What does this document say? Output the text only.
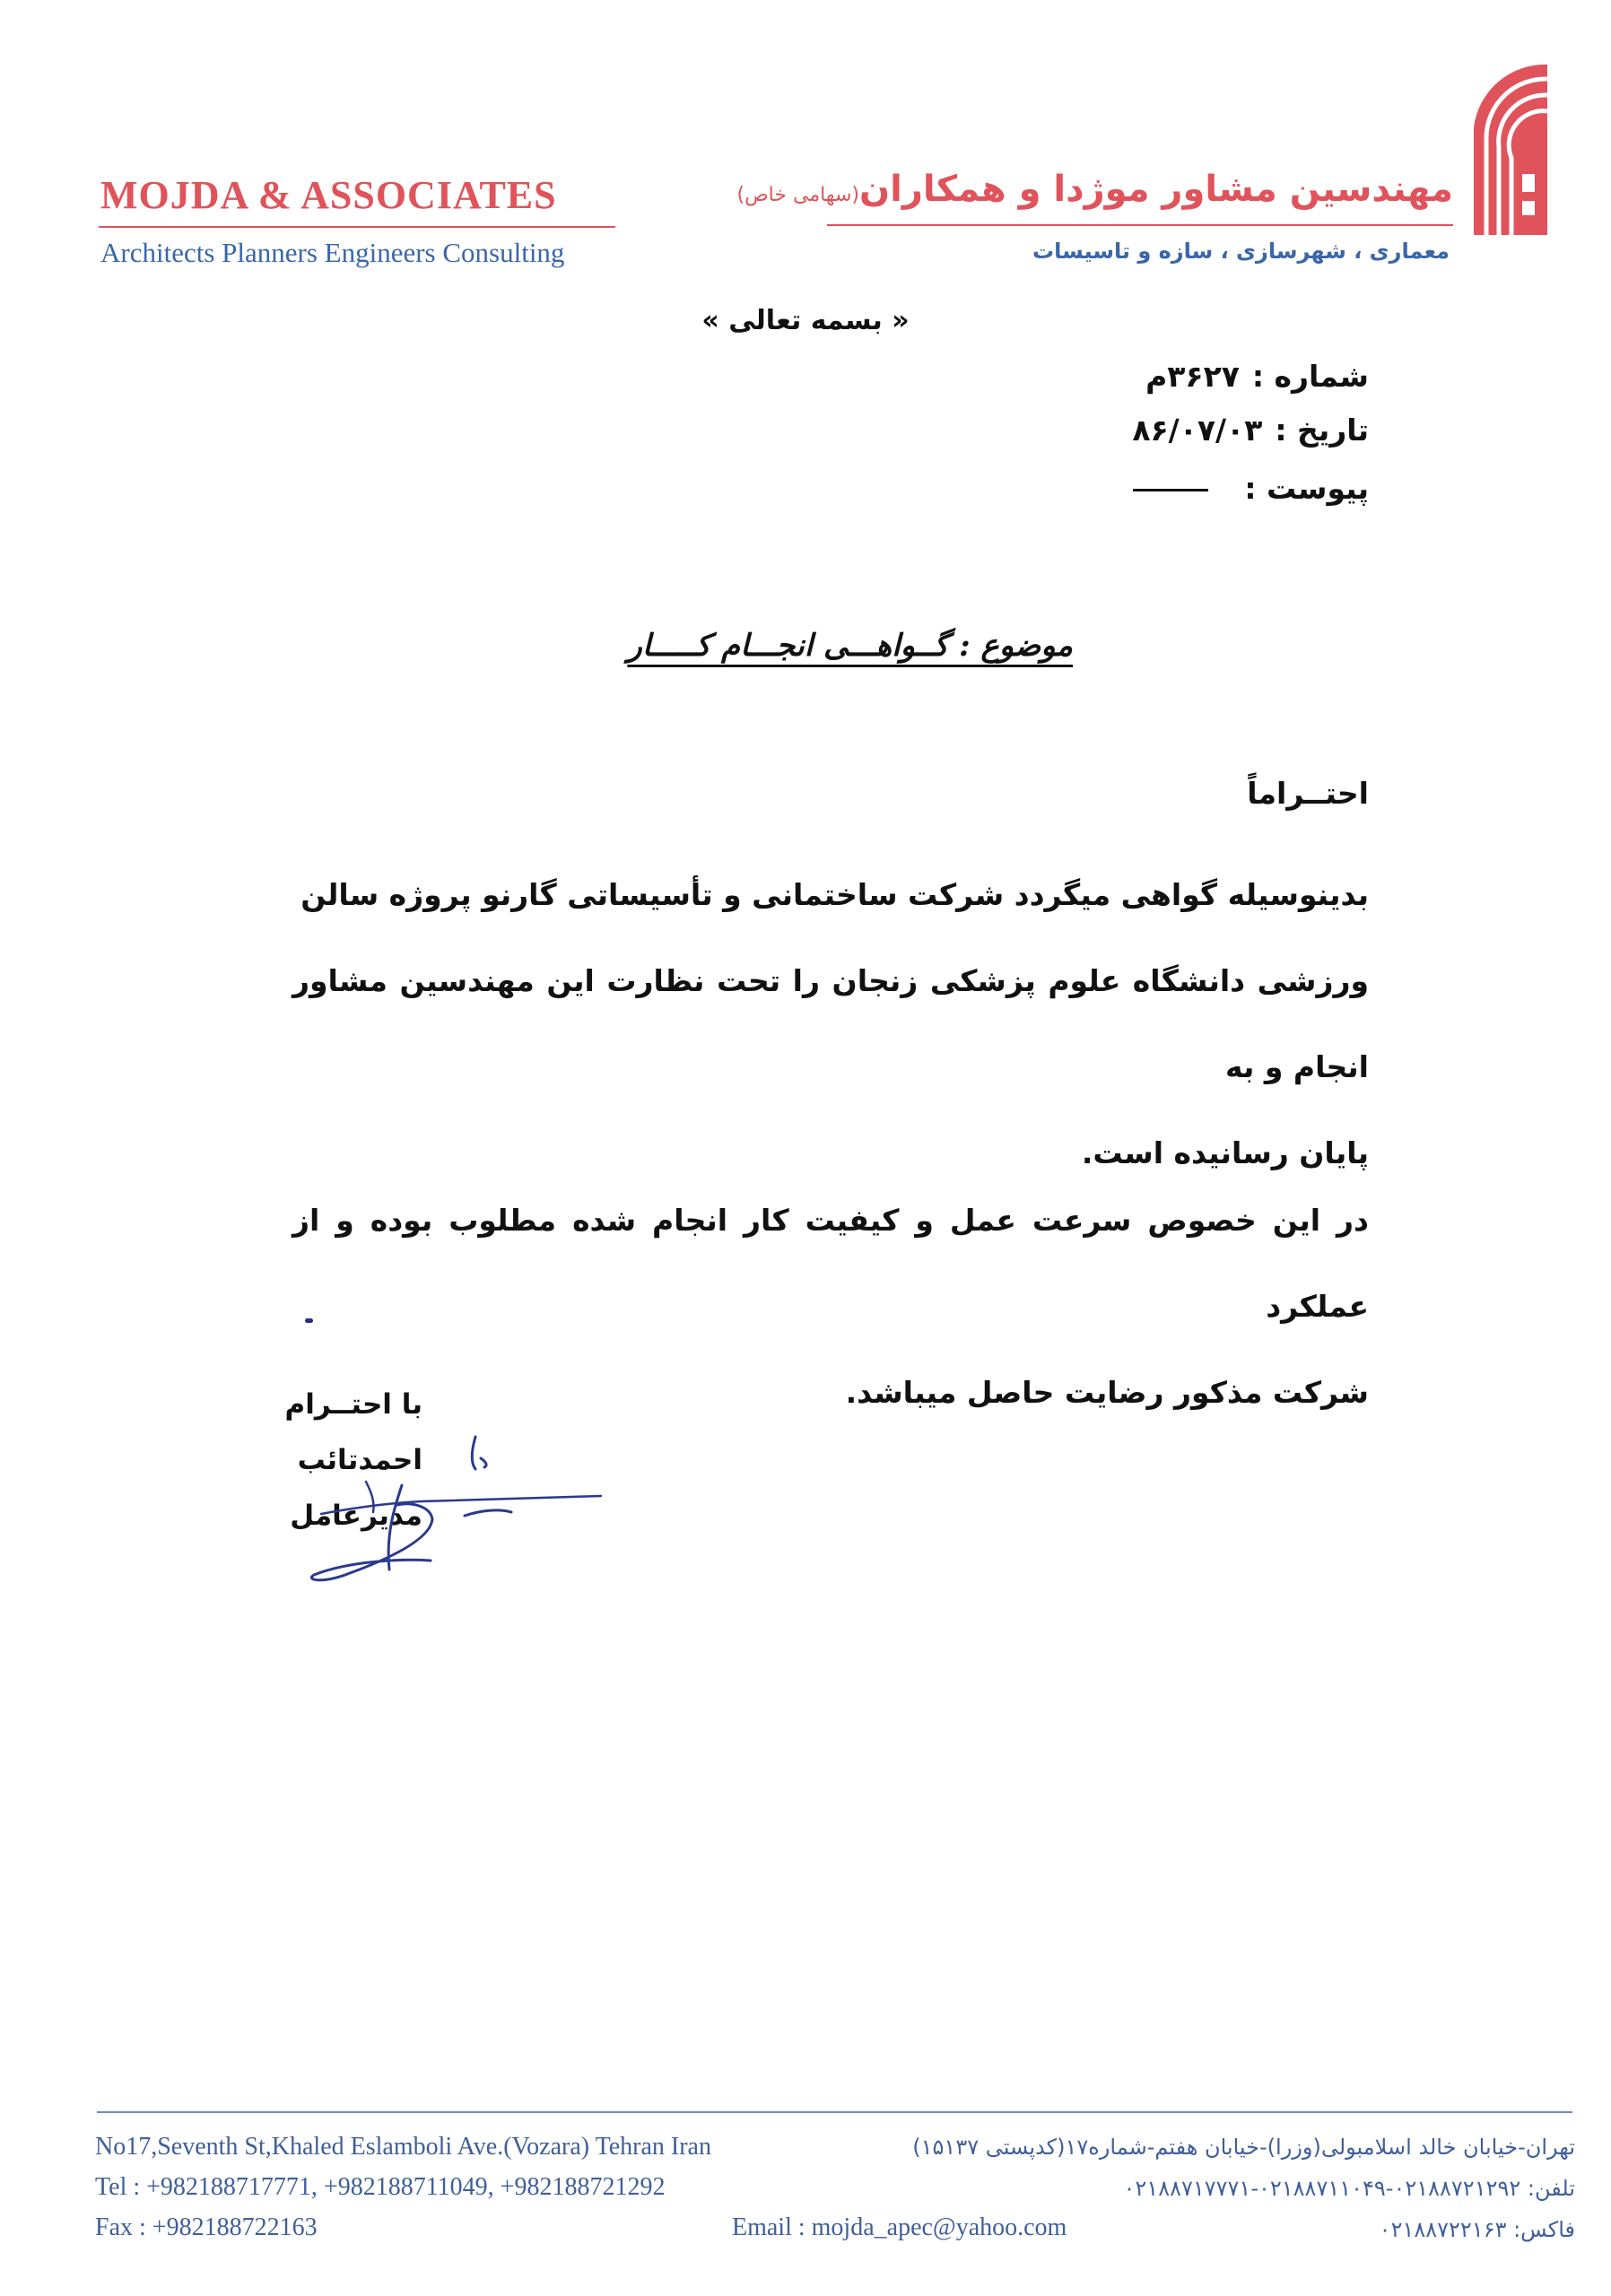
MOJDA & ASSOCIATES
Architects Planners Engineers Consulting
مهندسین مشاور موژدا و همکاران(سهامی خاص)
معماری ، شهرسازی ، سازه و تاسیسات
« بسمه تعالی »
شماره :۳۶۲۷م
تاریخ :۸۶/۰۷/۰۳
پیوست :
موضوع : گــواهـــی انجـــام کـــــار
احتــراماً

بدینوسیله گواهی میگردد شرکت ساختمانی و تأسیساتی گارنو پروژه سالن

ورزشی دانشگاه علوم پزشکی زنجان را تحت نظارت این مهندسین مشاور انجام و به

پایان رسانیده است.

در این خصوص سرعت عمل و کیفیت کار انجام شده مطلوب بوده و از عملکرد

شرکت مذکور رضایت حاصل میباشد.

با احتــرام
احمدتائب
مدیرعامل
No17,Seventh St,Khaled Eslamboli Ave.(Vozara) Tehran Iran
Tel : +982188717771, +982188711049, +982188721292
Fax : +982188722163	Email : mojda_apec@yahoo.com
تهران-خیابان خالد اسلامبولی(وزرا)-خیابان هفتم-شماره۱۷(کدپستی ۱۵۱۳۷)
تلفن: ۰۲۱۸۸۷۲۱۲۹۲-۰۲۱۸۸۷۱۱۰۴۹-۰۲۱۸۸۷۱۷۷۷۱
فاکس: ۰۲۱۸۸۷۲۲۱۶۳
